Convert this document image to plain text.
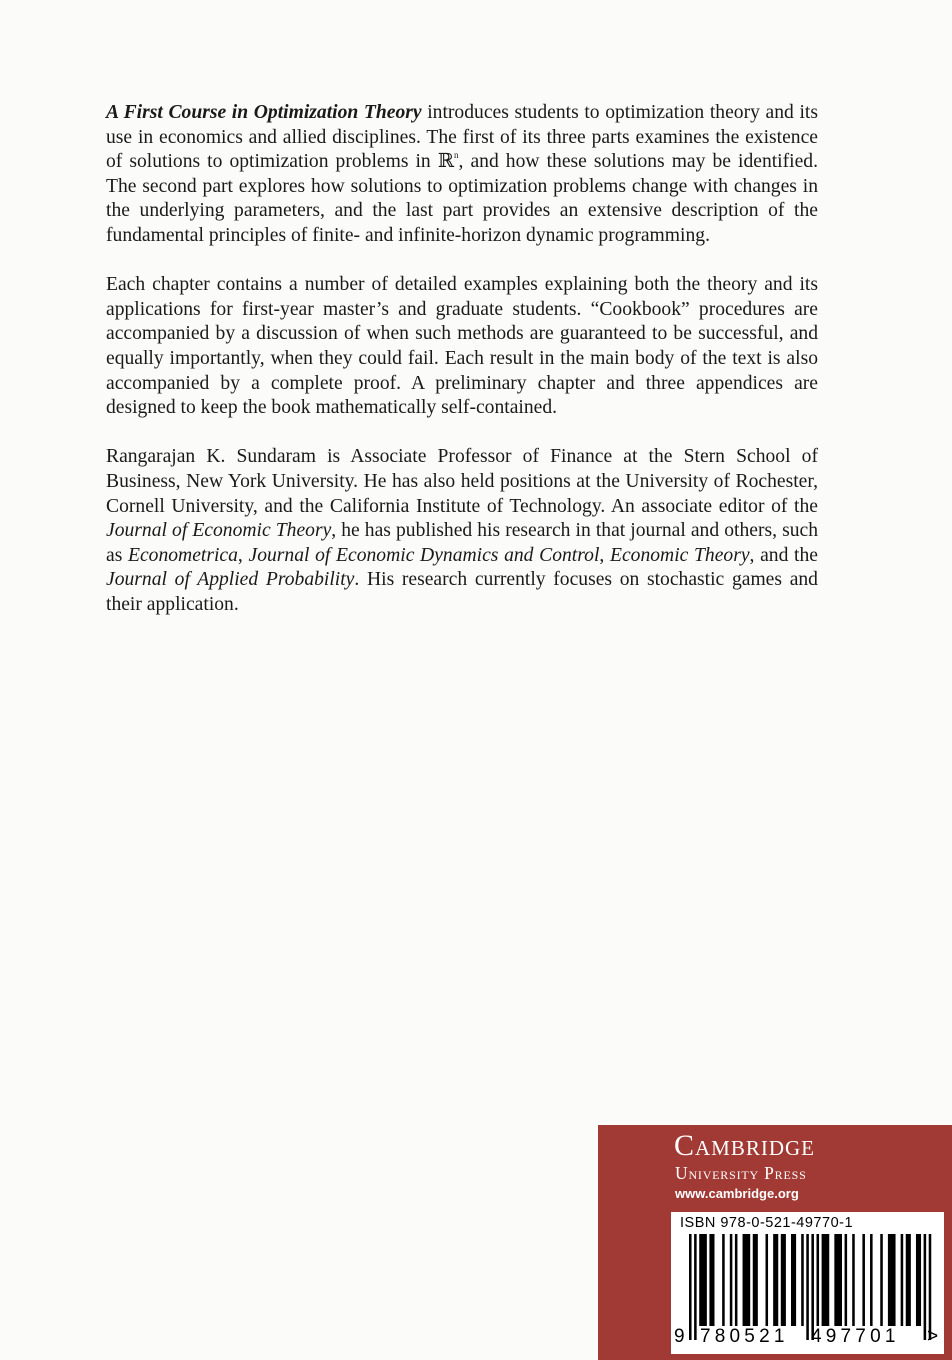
A First Course in Optimization Theory introduces students to optimization theory and its use in economics and allied disciplines. The first of its three parts examines the existence of solutions to optimization problems in ℝ$^n$, and how these solutions may be identified. The second part explores how solutions to optimization problems change with changes in the underlying parameters, and the last part provides an extensive description of the fundamental principles of finite- and infinite-horizon dynamic programming.

Each chapter contains a number of detailed examples explaining both the theory and its applications for first-year master’s and graduate students. “Cookbook” procedures are accompanied by a discussion of when such methods are guaranteed to be successful, and equally importantly, when they could fail. Each result in the main body of the text is also accompanied by a complete proof. A preliminary chapter and three appendices are designed to keep the book mathematically self-contained.

Rangarajan K. Sundaram is Associate Professor of Finance at the Stern School of Business, New York University. He has also held positions at the University of Rochester, Cornell University, and the California Institute of Technology. An associate editor of the Journal of Economic Theory, he has published his research in that journal and others, such as Econometrica, Journal of Economic Dynamics and Control, Economic Theory, and the Journal of Applied Probability. His research currently focuses on stochastic games and their application.

Cambridge
University Press
www.cambridge.org
ISBN 978-0-521-49770-1
9 780521 497701 >
